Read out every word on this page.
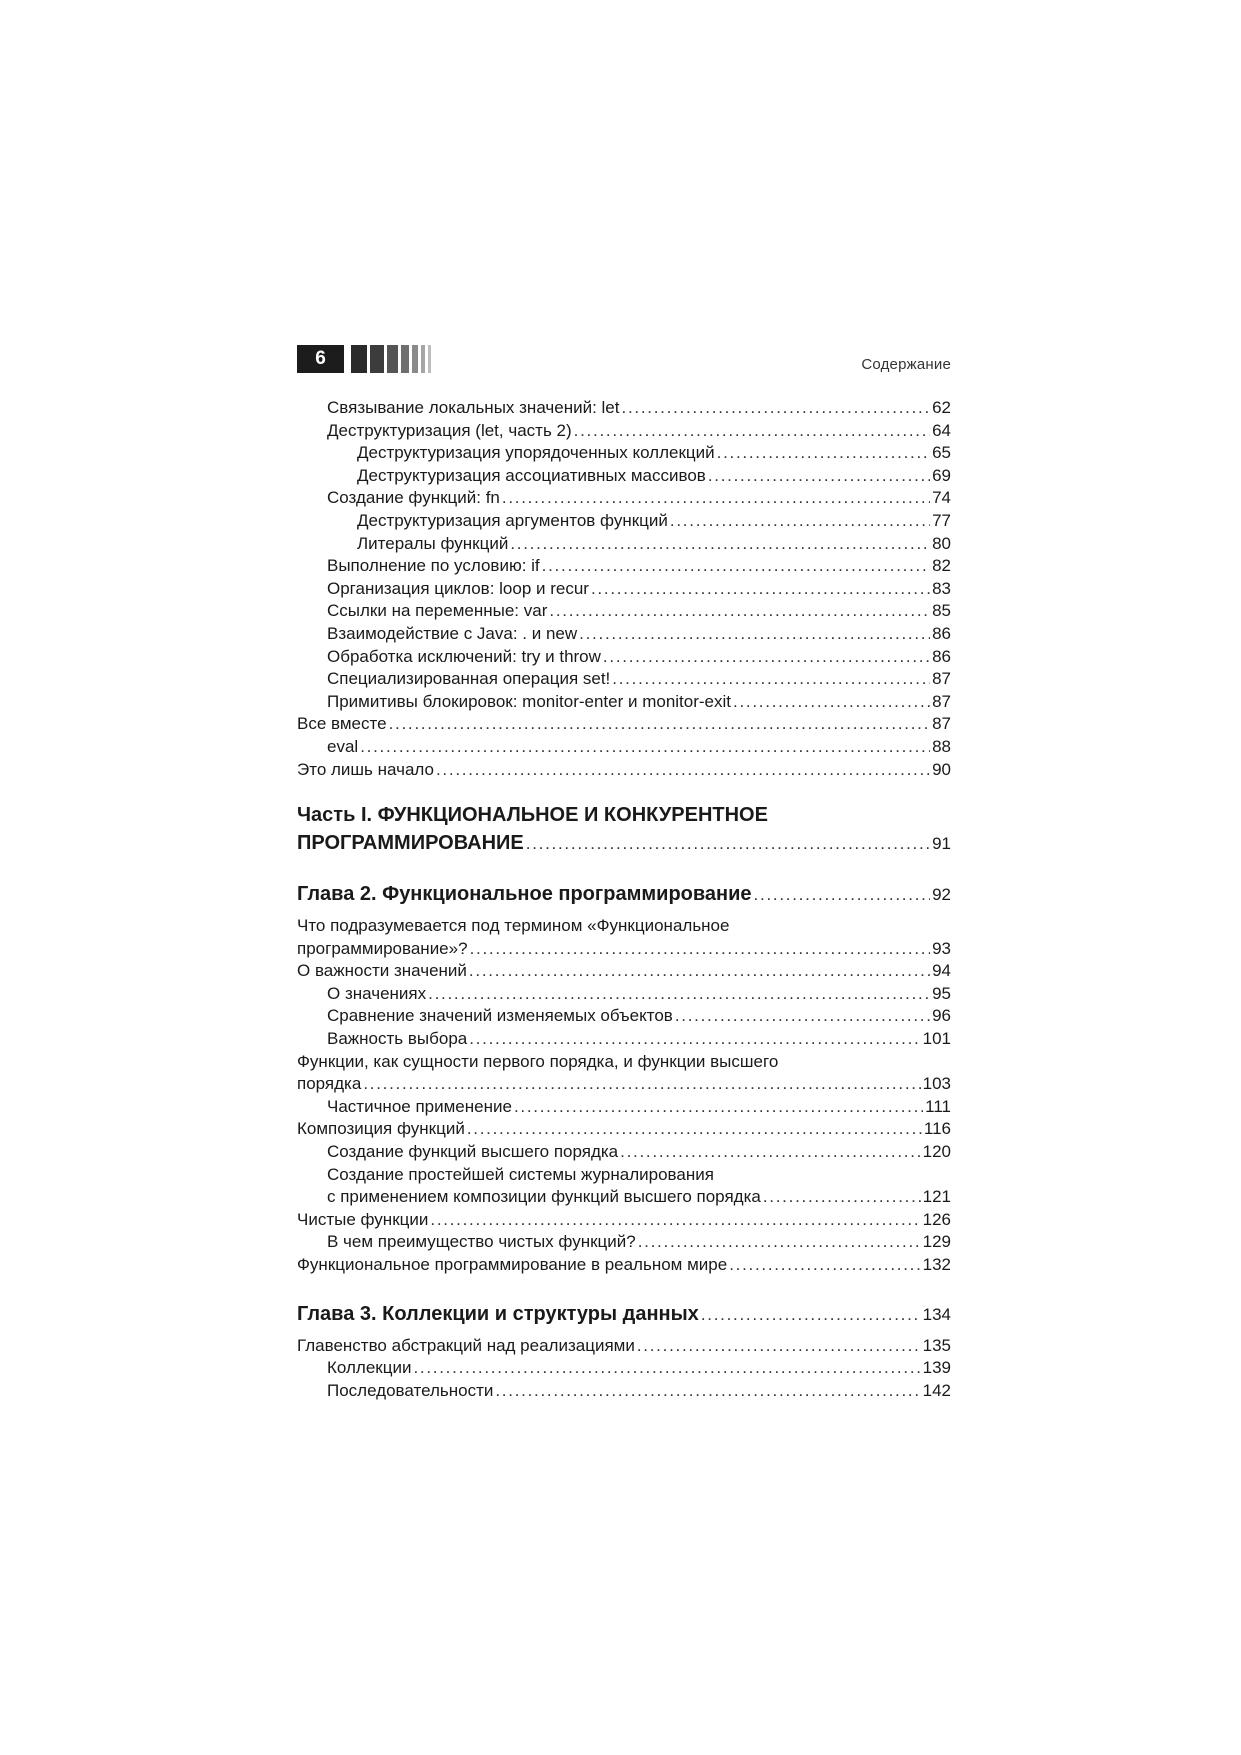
6	Содержание
Связывание локальных значений: let . . .	62
Деструктуризация (let, часть 2) . . .	64
Деструктуризация упорядоченных коллекций . . .	65
Деструктуризация ассоциативных массивов . . .	69
Создание функций: fn . . .	74
Деструктуризация аргументов функций . . .	77
Литералы функций . . .	80
Выполнение по условию: if . . .	82
Организация циклов: loop и recur . . .	83
Ссылки на переменные: var . . .	85
Взаимодействие с Java: . и new . . .	86
Обработка исключений: try и throw . . .	86
Специализированная операция set! . . .	87
Примитивы блокировок: monitor-enter и monitor-exit . . .	87
Все вместе . . .	87
eval . . .	88
Это лишь начало . . .	90
Часть I. ФУНКЦИОНАЛЬНОЕ И КОНКУРЕНТНОЕ
ПРОГРАММИРОВАНИЕ . . .	91
Глава 2. Функциональное программирование . . .	92
Что подразумевается под термином «Функциональное
программирование»? . . .	93
О важности значений . . .	94
О значениях . . .	95
Сравнение значений изменяемых объектов . . .	96
Важность выбора . . .	101
Функции, как сущности первого порядка, и функции высшего
порядка . . .	103
Частичное применение . . .	111
Композиция функций . . .	116
Создание функций высшего порядка . . .	120
Создание простейшей системы журналирования
с применением композиции функций высшего порядка . . .	121
Чистые функции . . .	126
В чем преимущество чистых функций? . . .	129
Функциональное программирование в реальном мире . . .	132
Глава 3. Коллекции и структуры данных . . .	134
Главенство абстракций над реализациями . . .	135
Коллекции . . .	139
Последовательности . . .	142
